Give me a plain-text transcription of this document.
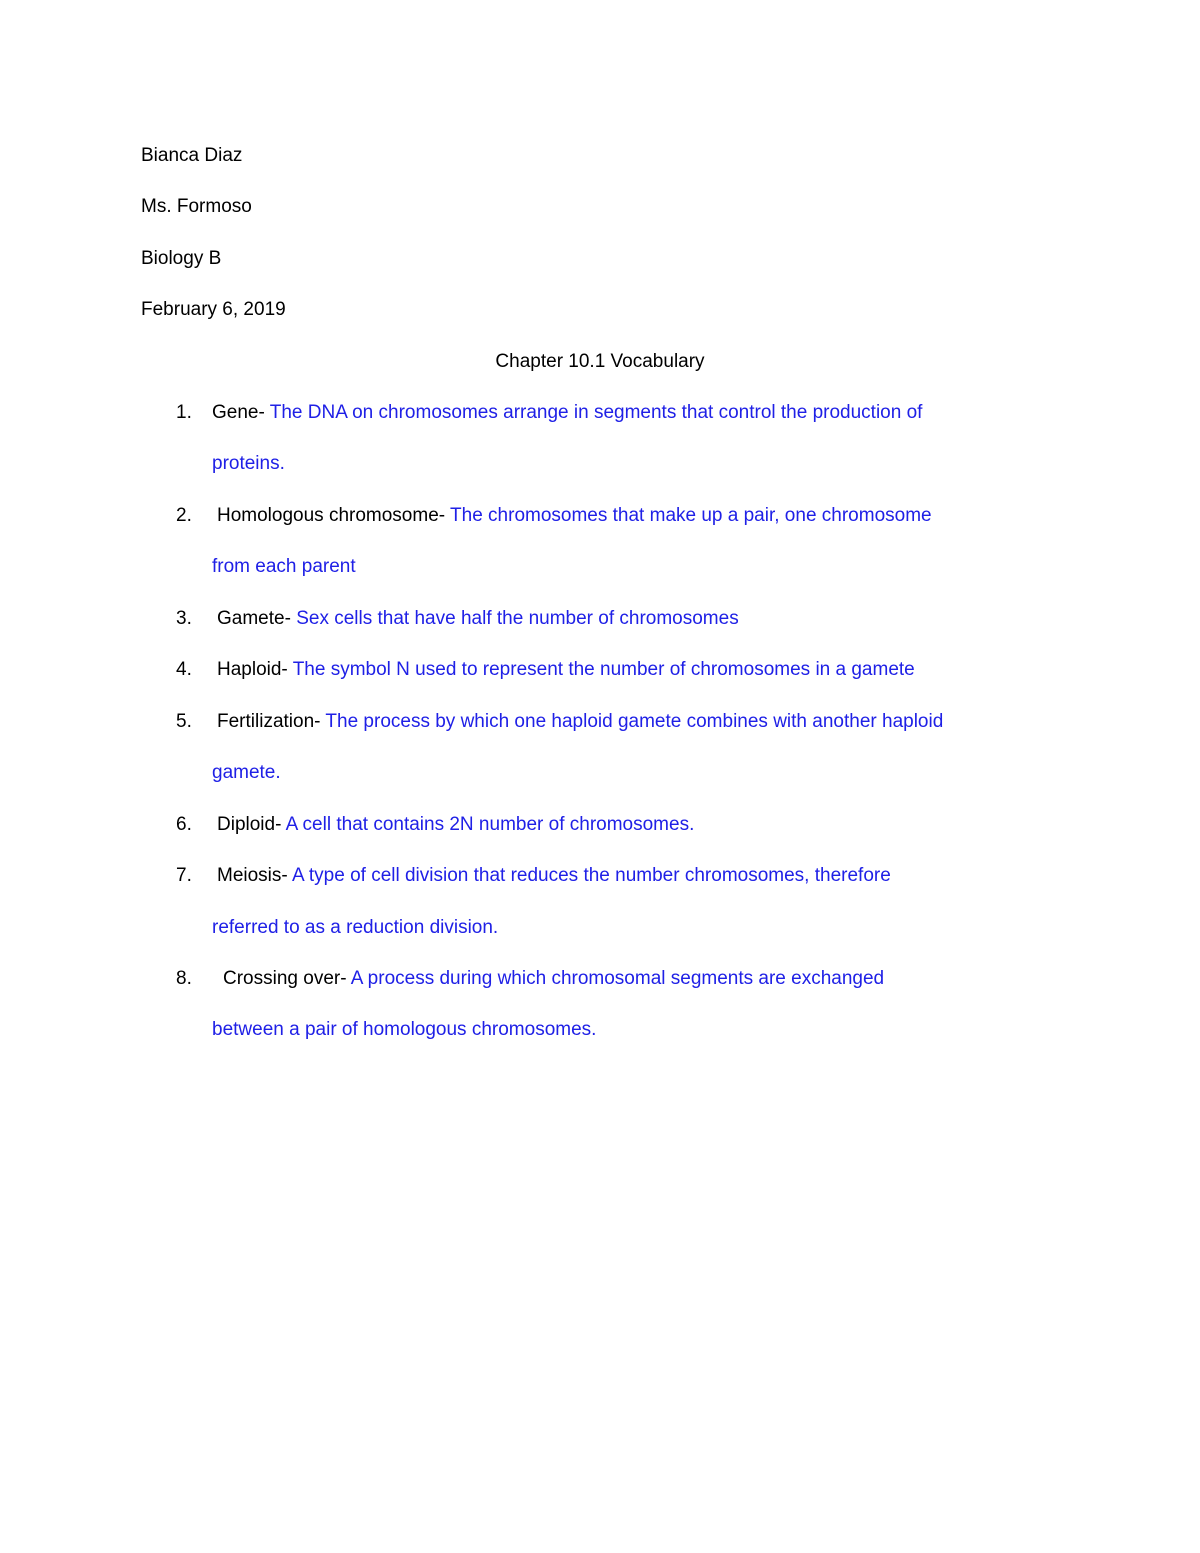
Bianca Diaz

Ms. Formoso

Biology B

February 6, 2019

Chapter 10.1 Vocabulary

1. Gene- The DNA on chromosomes arrange in segments that control the production of

proteins.

2. Homologous chromosome- The chromosomes that make up a pair, one chromosome

from each parent

3. Gamete- Sex cells that have half the number of chromosomes

4. Haploid- The symbol N used to represent the number of chromosomes in a gamete

5. Fertilization- The process by which one haploid gamete combines with another haploid

gamete.

6. Diploid- A cell that contains 2N number of chromosomes.

7. Meiosis- A type of cell division that reduces the number chromosomes, therefore

referred to as a reduction division.

8. Crossing over- A process during which chromosomal segments are exchanged

between a pair of homologous chromosomes.
